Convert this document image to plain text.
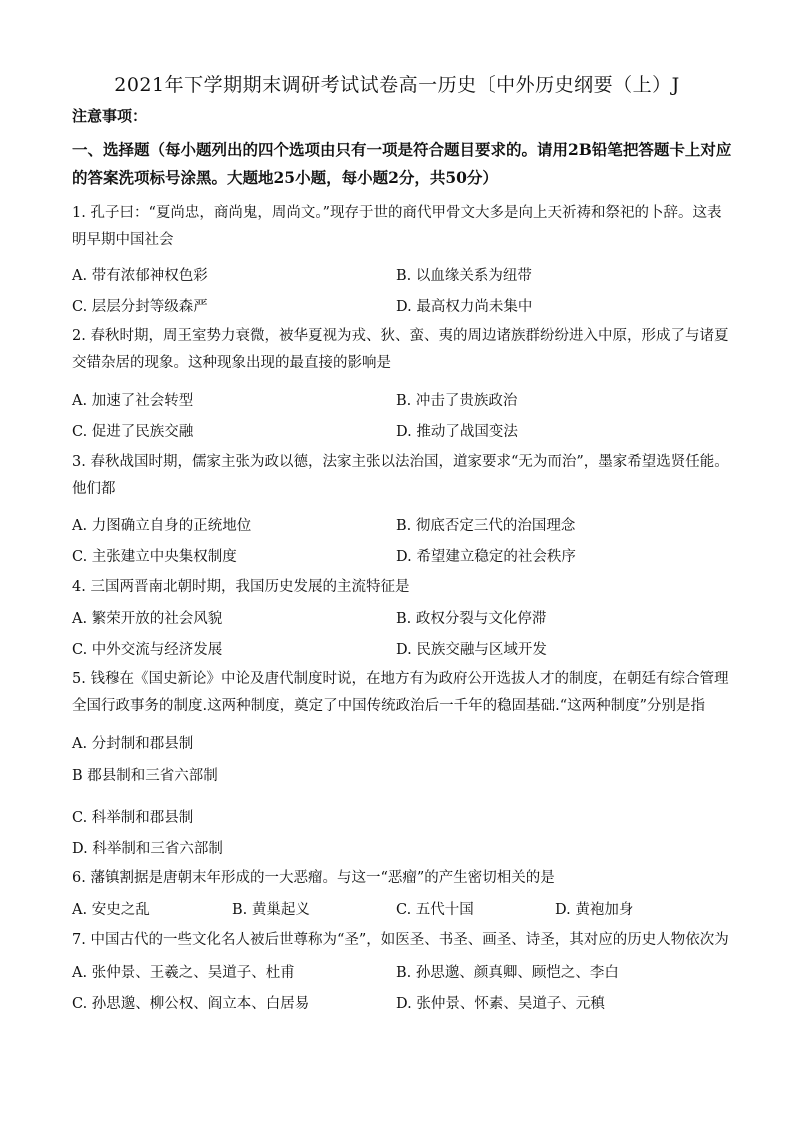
2021年下学期期末调研考试试卷高一历史〔中外历史纲要（上）J
注意事项：
一、选择题（每小题列出的四个选项由只有一项是符合题目要求的。请用2B铅笔把答题卡上对应的答案洗项标号涂黑。大题地25小题，每小题2分，共50分）
1. 孔子曰：“夏尚忠，商尚鬼，周尚文。”现存于世的商代甲骨文大多是向上天祈祷和祭祀的卜辞。这表明早期中国社会
A. 带有浓郁神权色彩	B. 以血缘关系为纽带
C. 层层分封等级森严	D. 最高权力尚未集中
2. 春秋时期，周王室势力衰微，被华夏视为戎、狄、蛮、夷的周边诸族群纷纷进入中原，形成了与诸夏交错杂居的现象。这种现象出现的最直接的影响是
A. 加速了社会转型	B. 冲击了贵族政治
C. 促进了民族交融	D. 推动了战国变法
3. 春秋战国时期，儒家主张为政以德，法家主张以法治国，道家要求“无为而治”，墨家希望选贤任能。他们都
A. 力图确立自身的正统地位	B. 彻底否定三代的治国理念
C. 主张建立中央集权制度	D. 希望建立稳定的社会秩序
4. 三国两晋南北朝时期，我国历史发展的主流特征是
A. 繁荣开放的社会风貌	B. 政权分裂与文化停滞
C. 中外交流与经济发展	D. 民族交融与区域开发
5. 钱穆在《国史新论》中论及唐代制度时说，在地方有为政府公开选拔人才的制度，在朝廷有综合管理全国行政事务的制度.这两种制度，奠定了中国传统政治后一千年的稳固基础.“这两种制度”分别是指
A. 分封制和郡县制
B 郡县制和三省六部制
C. 科举制和郡县制
D. 科举制和三省六部制
6. 藩镇割据是唐朝末年形成的一大恶瘤。与这一“恶瘤”的产生密切相关的是
A. 安史之乱	B. 黄巢起义	C. 五代十国	D. 黄袍加身
7. 中国古代的一些文化名人被后世尊称为“圣”，如医圣、书圣、画圣、诗圣，其对应的历史人物依次为
A. 张仲景、王羲之、吴道子、杜甫	B. 孙思邈、颜真卿、顾恺之、李白
C. 孙思邈、柳公权、阎立本、白居易	D. 张仲景、怀素、吴道子、元稹
